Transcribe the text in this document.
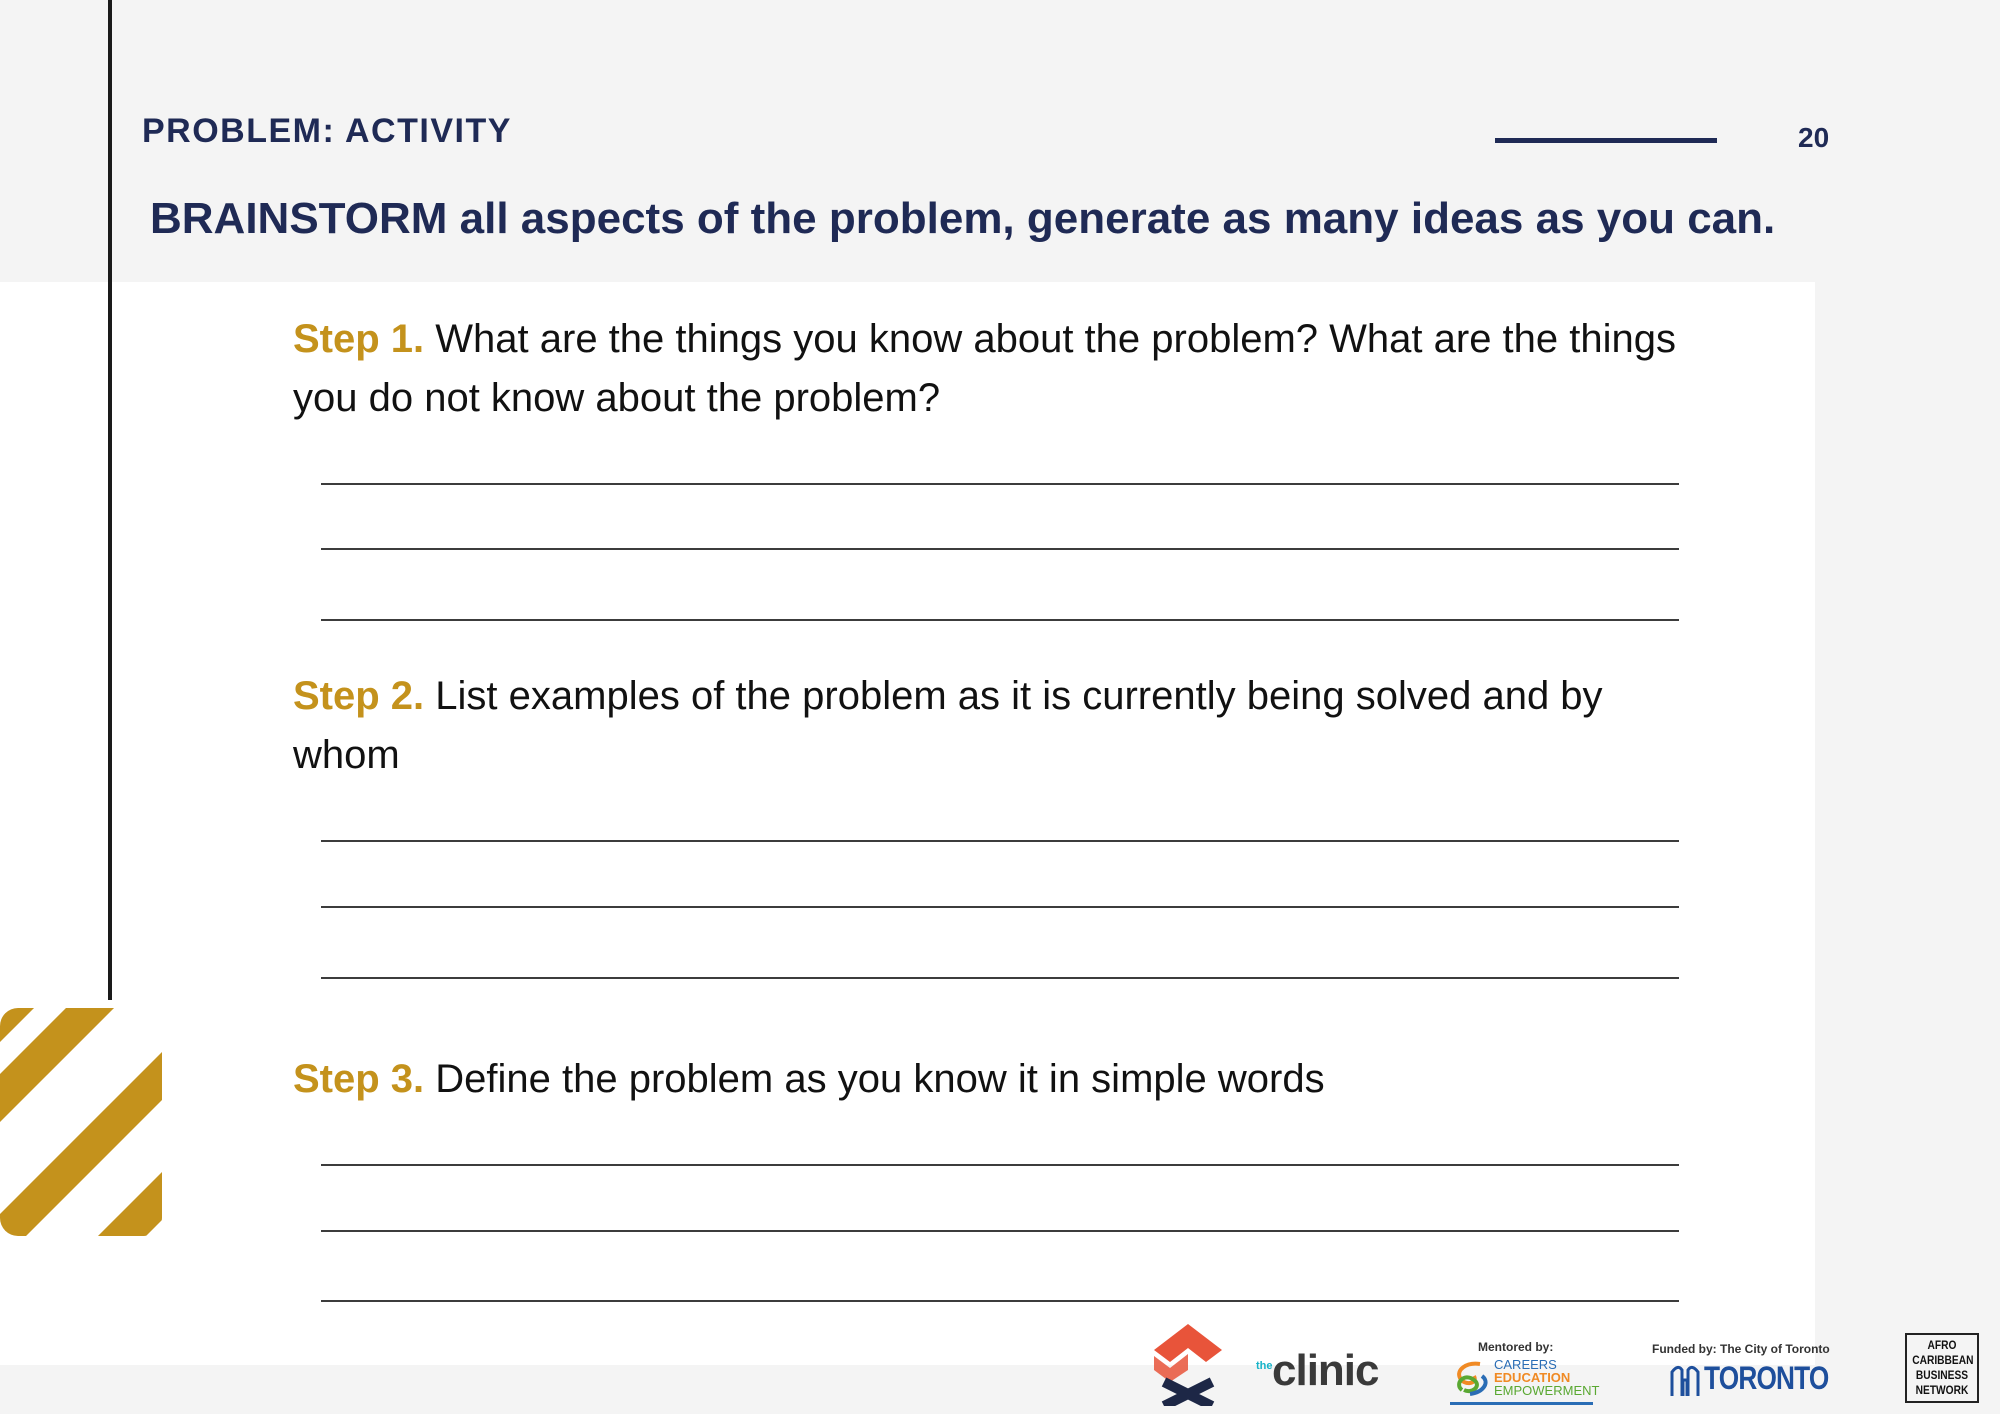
PROBLEM: ACTIVITY	20
BRAINSTORM all aspects of the problem, generate as many ideas as you can.
Step 1. What are the things you know about the problem? What are the things you do not know about the problem?
Step 2. List examples of the problem as it is currently being solved and by whom
Step 3. Define the problem as you know it in simple words
the clinic	Mentored by:
CAREERS
EDUCATION
EMPOWERMENT
Funded by: The City of Toronto
TORONTO
AFRO
CARIBBEAN
BUSINESS
NETWORK
